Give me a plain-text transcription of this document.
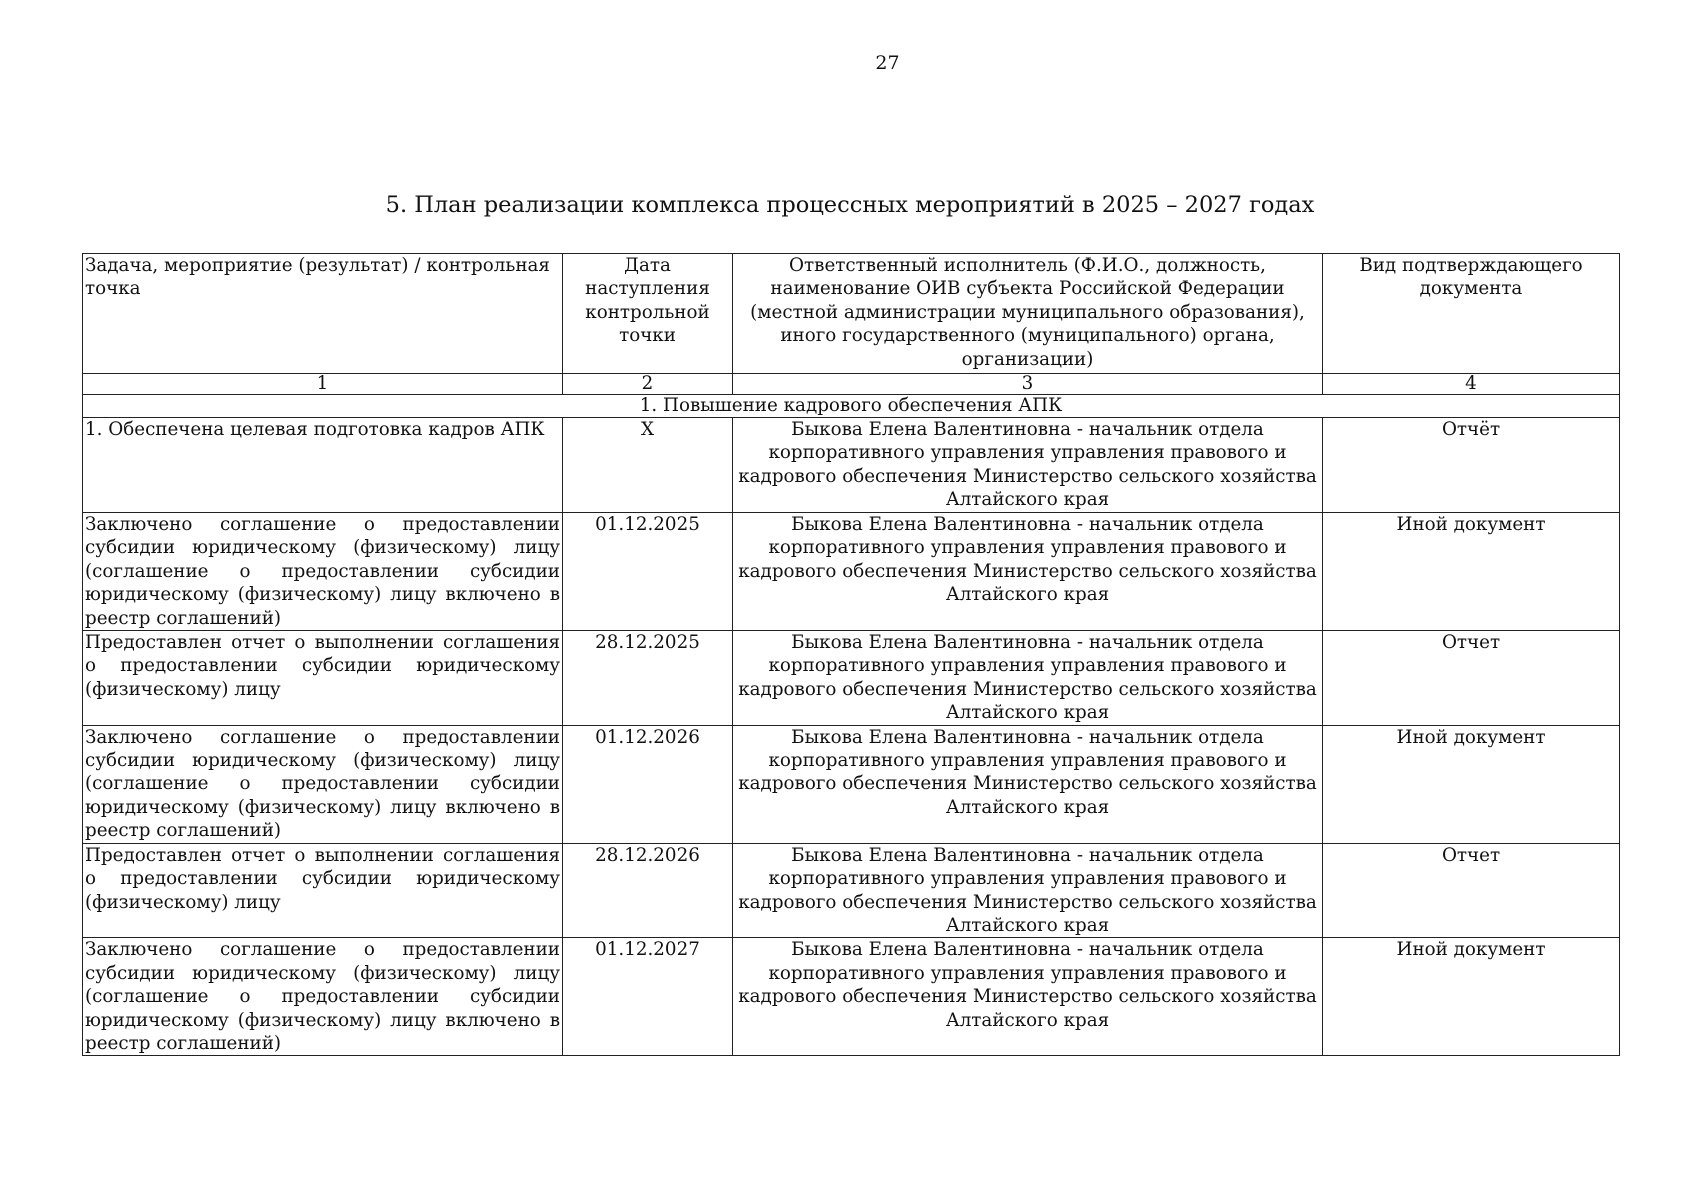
27
5. План реализации комплекса процессных мероприятий в 2025 – 2027 годах
Задача, мероприятие (результат) / контрольная точка	Дата наступления контрольной точки	Ответственный исполнитель (Ф.И.О., должность, наименование ОИВ субъекта Российской Федерации (местной администрации муниципального образования), иного государственного (муниципального) органа, организации)	Вид подтверждающего документа
1	2	3	4
1. Повышение кадрового обеспечения АПК			
1. Обеспечена целевая подготовка кадров АПК	X	Быкова Елена Валентиновна - начальник отдела корпоративного управления управления правового и кадрового обеспечения Министерство сельского хозяйства Алтайского края	Отчёт
Заключено соглашение о предоставлении субсидии юридическому (физическому) лицу (соглашение о предоставлении субсидии юридическому (физическому) лицу включено в реестр соглашений)	01.12.2025	Быкова Елена Валентиновна - начальник отдела корпоративного управления управления правового и кадрового обеспечения Министерство сельского хозяйства Алтайского края	Иной документ
Предоставлен отчет о выполнении соглашения о предоставлении субсидии юридическому (физическому) лицу	28.12.2025	Быкова Елена Валентиновна - начальник отдела корпоративного управления управления правового и кадрового обеспечения Министерство сельского хозяйства Алтайского края	Отчет
Заключено соглашение о предоставлении субсидии юридическому (физическому) лицу (соглашение о предоставлении субсидии юридическому (физическому) лицу включено в реестр соглашений)	01.12.2026	Быкова Елена Валентиновна - начальник отдела корпоративного управления управления правового и кадрового обеспечения Министерство сельского хозяйства Алтайского края	Иной документ
Предоставлен отчет о выполнении соглашения о предоставлении субсидии юридическому (физическому) лицу	28.12.2026	Быкова Елена Валентиновна - начальник отдела корпоративного управления управления правового и кадрового обеспечения Министерство сельского хозяйства Алтайского края	Отчет
Заключено соглашение о предоставлении субсидии юридическому (физическому) лицу (соглашение о предоставлении субсидии юридическому (физическому) лицу включено в реестр соглашений)	01.12.2027	Быкова Елена Валентиновна - начальник отдела корпоративного управления управления правового и кадрового обеспечения Министерство сельского хозяйства Алтайского края	Иной документ
